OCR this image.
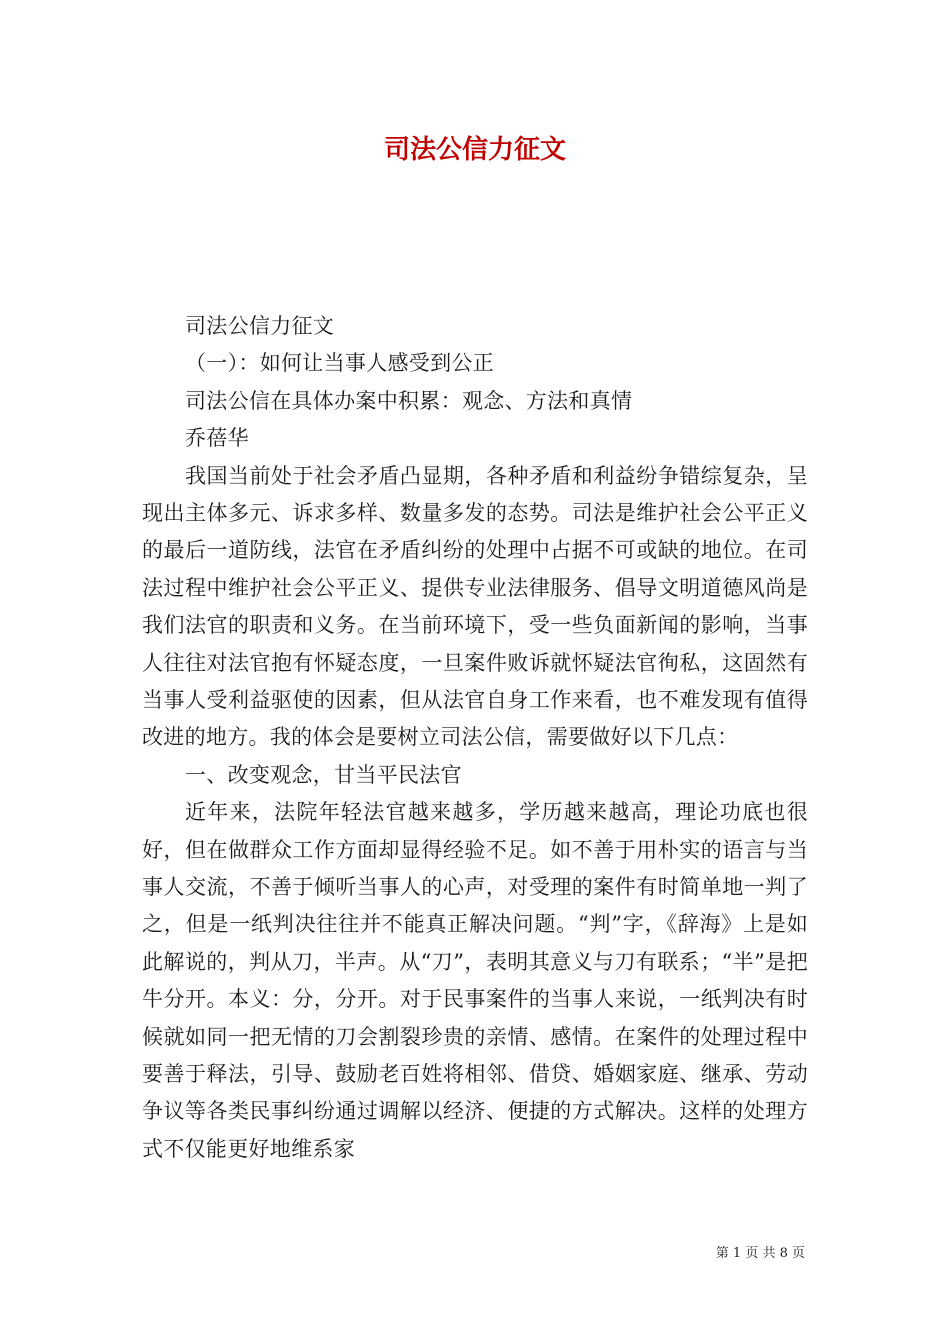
司法公信力征文
司法公信力征文
（一）：如何让当事人感受到公正
司法公信在具体办案中积累：观念、方法和真情
乔蓓华

我国当前处于社会矛盾凸显期，各种矛盾和利益纷争错综复杂，呈现出主体多元、诉求多样、数量多发的态势。司法是维护社会公平正义的最后一道防线，法官在矛盾纠纷的处理中占据不可或缺的地位。在司法过程中维护社会公平正义、提供专业法律服务、倡导文明道德风尚是我们法官的职责和义务。在当前环境下，受一些负面新闻的影响，当事人往往对法官抱有怀疑态度，一旦案件败诉就怀疑法官徇私，这固然有当事人受利益驱使的因素，但从法官自身工作来看，也不难发现有值得改进的地方。我的体会是要树立司法公信，需要做好以下几点：

一、改变观念，甘当平民法官

近年来，法院年轻法官越来越多，学历越来越高，理论功底也很好，但在做群众工作方面却显得经验不足。如不善于用朴实的语言与当事人交流，不善于倾听当事人的心声，对受理的案件有时简单地一判了之，但是一纸判决往往并不能真正解决问题。“判”字，《辞海》上是如此解说的，判从刀，半声。从“刀”，表明其意义与刀有联系；“半”是把牛分开。本义：分，分开。对于民事案件的当事人来说，一纸判决有时候就如同一把无情的刀会割裂珍贵的亲情、感情。在案件的处理过程中要善于释法，引导、鼓励老百姓将相邻、借贷、婚姻家庭、继承、劳动争议等各类民事纠纷通过调解以经济、便捷的方式解决。这样的处理方式不仅能更好地维系家

第 1 页 共 8 页
